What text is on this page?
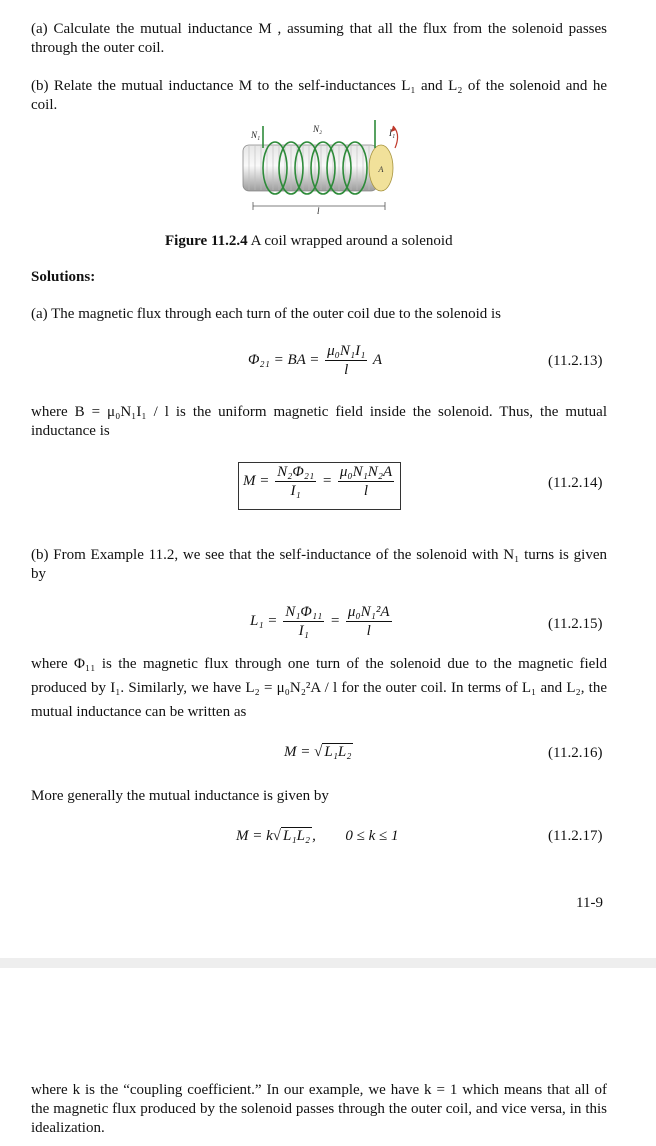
(a) Calculate the mutual inductance M , assuming that all the flux from the solenoid passes through the outer coil.
(b) Relate the mutual inductance M to the self-inductances L₁ and L₂ of the solenoid and he coil.
A
N₁
N₂	I₁
l
Figure 11.2.4 A coil wrapped around a solenoid
Solutions:
(a) The magnetic flux through each turn of the outer coil due to the solenoid is
Φ₂₁ = BA = $\frac{\text{μ₀N₁I₁}}{l}$ A	(11.2.13)
where B = μ₀N₁I₁ / l is the uniform magnetic field inside the solenoid. Thus, the mutual inductance is
$M = \frac{\text{N₂Φ₂₁}}{\text{I₁}} = \frac{\text{μ₀N₁N₂A}}{l}$	(11.2.14)
(b) From Example 11.2, we see that the self-inductance of the solenoid with N₁ turns is given by
$L_1 = \frac{\text{N₁Φ₁₁}}{\text{I₁}} = \frac{\text{μ₀N₁²A}}{l}$	(11.2.15)
where Φ₁₁ is the magnetic flux through one turn of the solenoid due to the magnetic field produced by I₁. Similarly, we have L₂ = μ₀N₂²A / l for the outer coil. In terms of L₁ and L₂, the mutual inductance can be written as
M = √ L₁L₂	(11.2.16)
More generally the mutual inductance is given by
M = k√ L₁L₂ , 0 ≤ k ≤ 1	(11.2.17)
11-9
where k is the “coupling coefficient.” In our example, we have k = 1 which means that all of the magnetic flux produced by the solenoid passes through the outer coil, and vice versa, in this idealization.
